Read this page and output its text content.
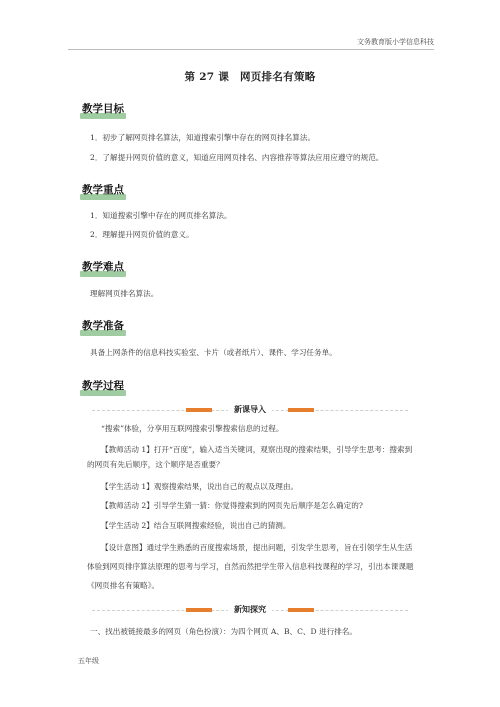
文务教育版小学信息科技
第 27 课　网页排名有策略
教学目标
1．初步了解网页排名算法，知道搜索引擎中存在的网页排名算法。
2．了解提升网页价值的意义，知道应用网页排名、内容推荐等算法应用应遵守的规范。
教学重点
1．知道搜索引擎中存在的网页排名算法。
2．理解提升网页价值的意义。
教学难点
理解网页排名算法。
教学准备
具备上网条件的信息科技实验室、卡片（或者纸片）、课件、学习任务单。
教学过程
新课导入
“搜索”体验，分享用互联网搜索引擎搜索信息的过程。
【教师活动 1】打开“百度”，输入适当关键词，观察出现的搜索结果，引导学生思考：搜索到的网页有先后顺序，这个顺序是否重要？
【学生活动 1】观察搜索结果，说出自己的观点以及理由。
【教师活动 2】引导学生猜一猜：你觉得搜索到的网页先后顺序是怎么确定的?
【学生活动 2】结合互联网搜索经验，说出自己的猜测。
【设计意图】通过学生熟悉的百度搜索场景，提出问题，引发学生思考，旨在引领学生从生活体验到网页排序算法原理的思考与学习，自然而然把学生带入信息科技课程的学习，引出本课课题《网页排名有策略》。
新知探究
一、找出被链接最多的网页（角色扮演）：为四个网页 A、B、C、D 进行排名。
五年级
